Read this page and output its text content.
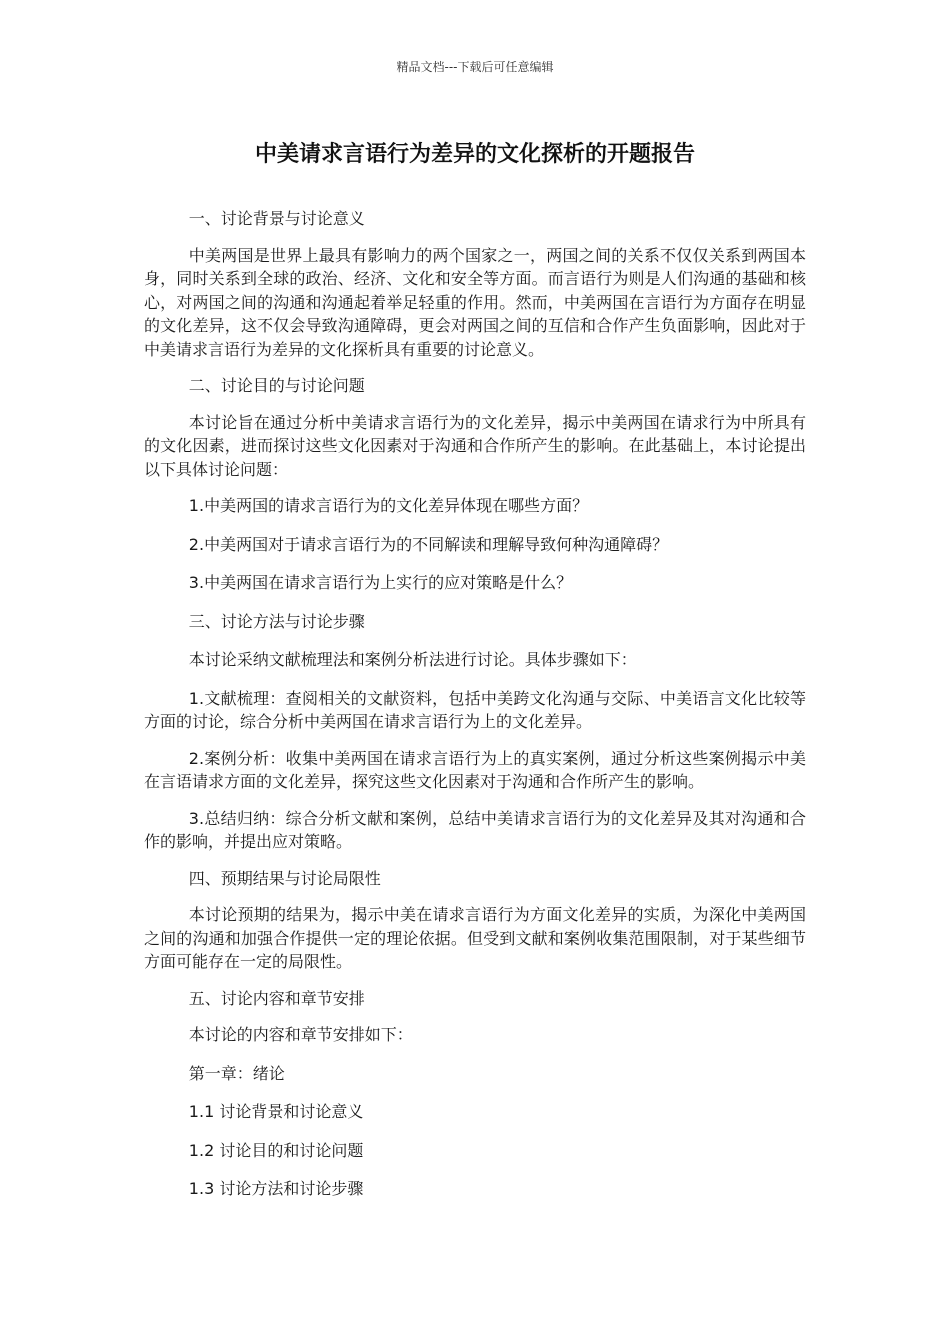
精品文档---下载后可任意编辑
中美请求言语行为差异的文化探析的开题报告

一、讨论背景与讨论意义

中美两国是世界上最具有影响力的两个国家之一，两国之间的关系不仅仅关系到两国本身，同时关系到全球的政治、经济、文化和安全等方面。而言语行为则是人们沟通的基础和核心，对两国之间的沟通和沟通起着举足轻重的作用。然而，中美两国在言语行为方面存在明显的文化差异，这不仅会导致沟通障碍，更会对两国之间的互信和合作产生负面影响，因此对于中美请求言语行为差异的文化探析具有重要的讨论意义。

二、讨论目的与讨论问题

本讨论旨在通过分析中美请求言语行为的文化差异，揭示中美两国在请求行为中所具有的文化因素，进而探讨这些文化因素对于沟通和合作所产生的影响。在此基础上，本讨论提出以下具体讨论问题：

1.中美两国的请求言语行为的文化差异体现在哪些方面？

2.中美两国对于请求言语行为的不同解读和理解导致何种沟通障碍？

3.中美两国在请求言语行为上实行的应对策略是什么？

三、讨论方法与讨论步骤

本讨论采纳文献梳理法和案例分析法进行讨论。具体步骤如下：

1.文献梳理：查阅相关的文献资料，包括中美跨文化沟通与交际、中美语言文化比较等方面的讨论，综合分析中美两国在请求言语行为上的文化差异。

2.案例分析：收集中美两国在请求言语行为上的真实案例，通过分析这些案例揭示中美在言语请求方面的文化差异，探究这些文化因素对于沟通和合作所产生的影响。

3.总结归纳：综合分析文献和案例，总结中美请求言语行为的文化差异及其对沟通和合作的影响，并提出应对策略。

四、预期结果与讨论局限性

本讨论预期的结果为，揭示中美在请求言语行为方面文化差异的实质，为深化中美两国之间的沟通和加强合作提供一定的理论依据。但受到文献和案例收集范围限制，对于某些细节方面可能存在一定的局限性。

五、讨论内容和章节安排

本讨论的内容和章节安排如下：

第一章：绪论

1.1 讨论背景和讨论意义

1.2 讨论目的和讨论问题

1.3 讨论方法和讨论步骤
